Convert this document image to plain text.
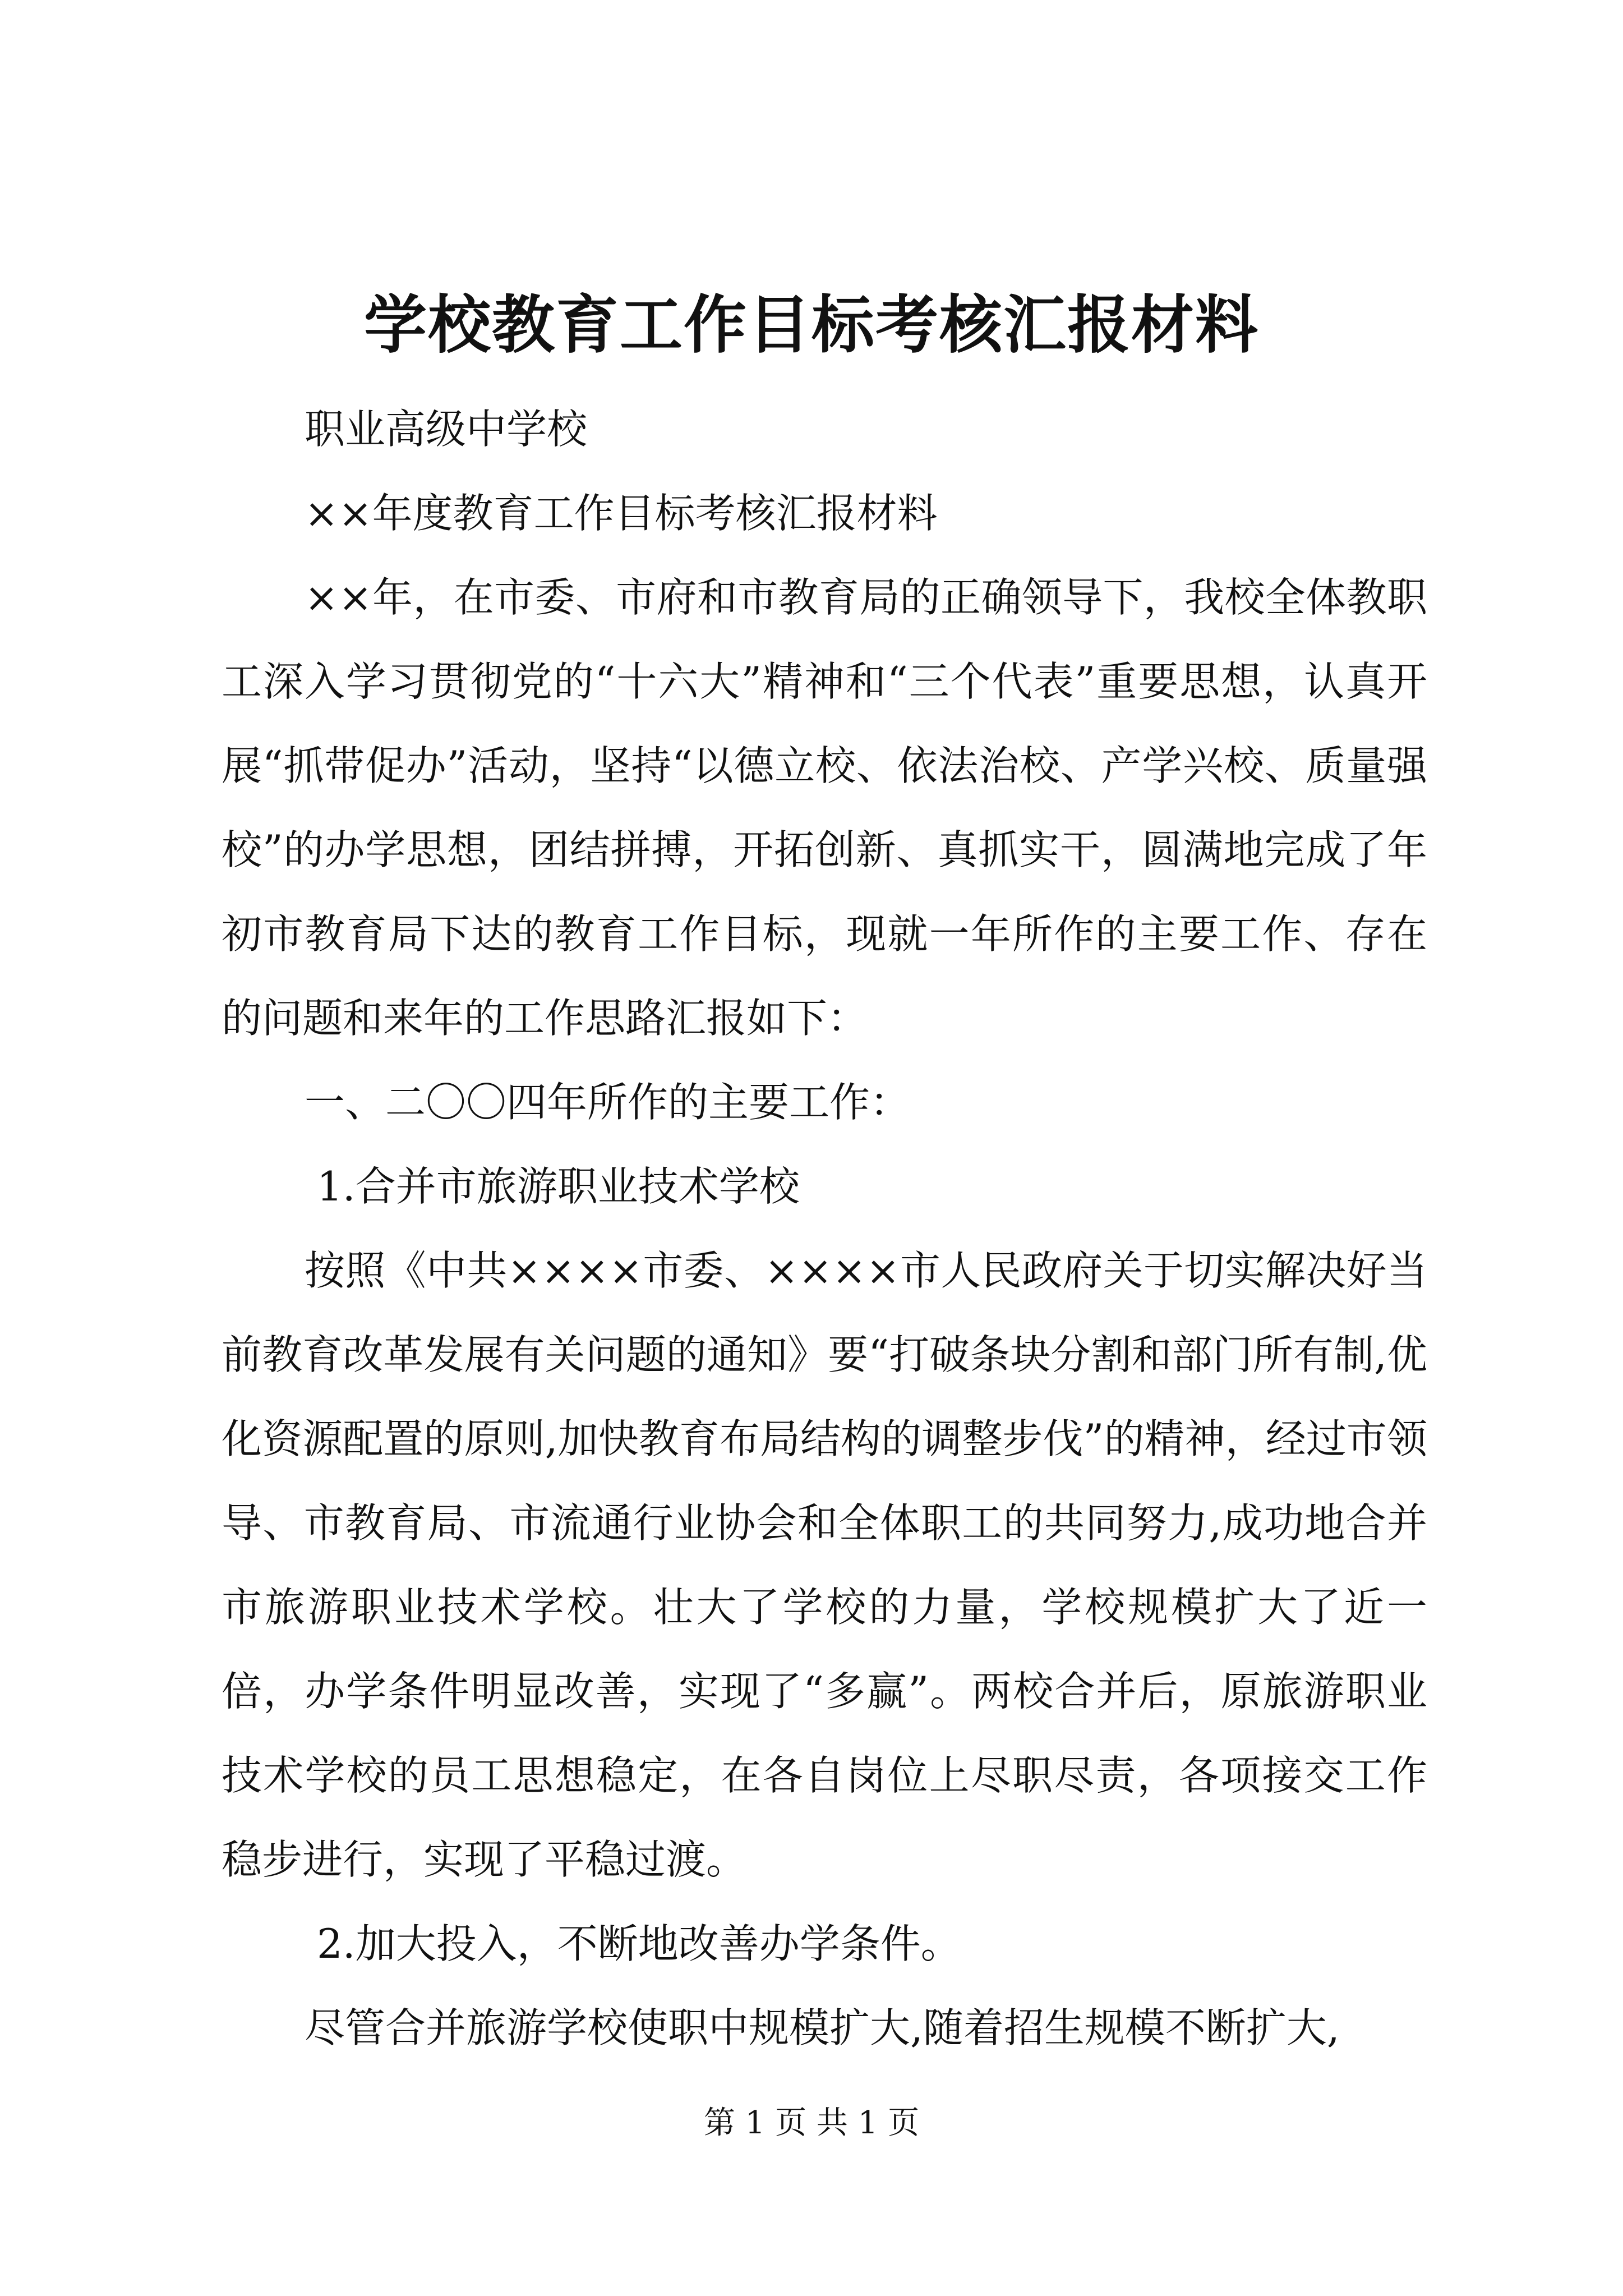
学校教育工作目标考核汇报材料

职业高级中学校

××年度教育工作目标考核汇报材料

××年，在市委、市府和市教育局的正确领导下，我校全体教职工深入学习贯彻党的“十六大”精神和“三个代表”重要思想，认真开展“抓带促办”活动，坚持“以德立校、依法治校、产学兴校、质量强校”的办学思想，团结拼搏，开拓创新、真抓实干，圆满地完成了年初市教育局下达的教育工作目标，现就一年所作的主要工作、存在的问题和来年的工作思路汇报如下：

一、二〇〇四年所作的主要工作：

1.合并市旅游职业技术学校

按照《中共××××市委、××××市人民政府关于切实解决好当前教育改革发展有关问题的通知》要“打破条块分割和部门所有制,优化资源配置的原则,加快教育布局结构的调整步伐”的精神，经过市领导、市教育局、市流通行业协会和全体职工的共同努力,成功地合并市旅游职业技术学校。壮大了学校的力量，学校规模扩大了近一倍，办学条件明显改善，实现了“多赢”。两校合并后，原旅游职业技术学校的员工思想稳定，在各自岗位上尽职尽责，各项接交工作稳步进行，实现了平稳过渡。

2.加大投入，不断地改善办学条件。

尽管合并旅游学校使职中规模扩大,随着招生规模不断扩大,

第 1 页 共 1 页
